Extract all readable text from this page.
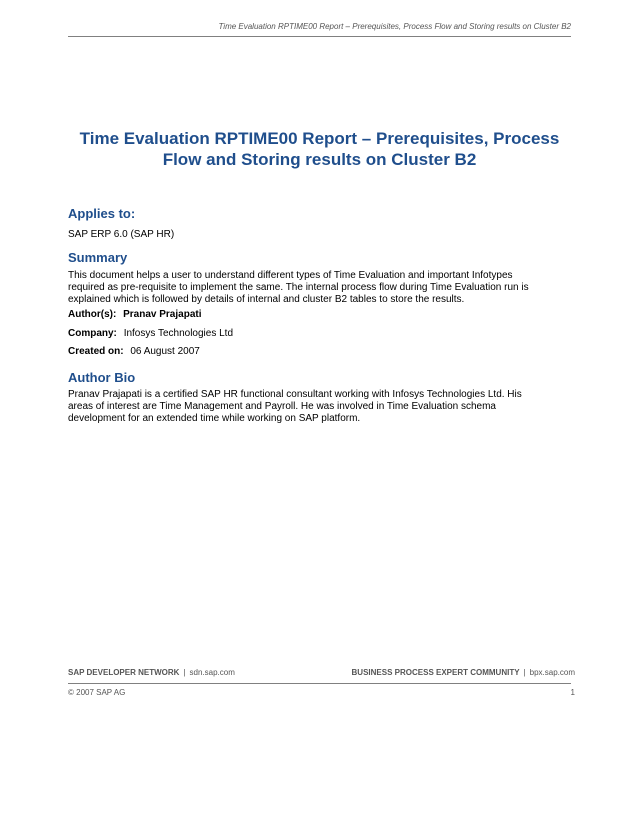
Time Evaluation RPTIME00 Report – Prerequisites, Process Flow and Storing results on Cluster B2
Time Evaluation RPTIME00 Report – Prerequisites, Process
Flow and Storing results on Cluster B2
Applies to:
SAP ERP 6.0 (SAP HR)
Summary
This document helps a user to understand different types of Time Evaluation and important Infotypes
required as pre-requisite to implement the same. The internal process flow during Time Evaluation run is
explained which is followed by details of internal and cluster B2 tables to store the results.
Author(s): Pranav Prajapati
Company: Infosys Technologies Ltd
Created on: 06 August 2007
Author Bio
Pranav Prajapati is a certified SAP HR functional consultant working with Infosys Technologies Ltd. His
areas of interest are Time Management and Payroll. He was involved in Time Evaluation schema
development for an extended time while working on SAP platform.
SAP DEVELOPER NETWORK | sdn.sap.com	BUSINESS PROCESS EXPERT COMMUNITY | bpx.sap.com
© 2007 SAP AG	1
